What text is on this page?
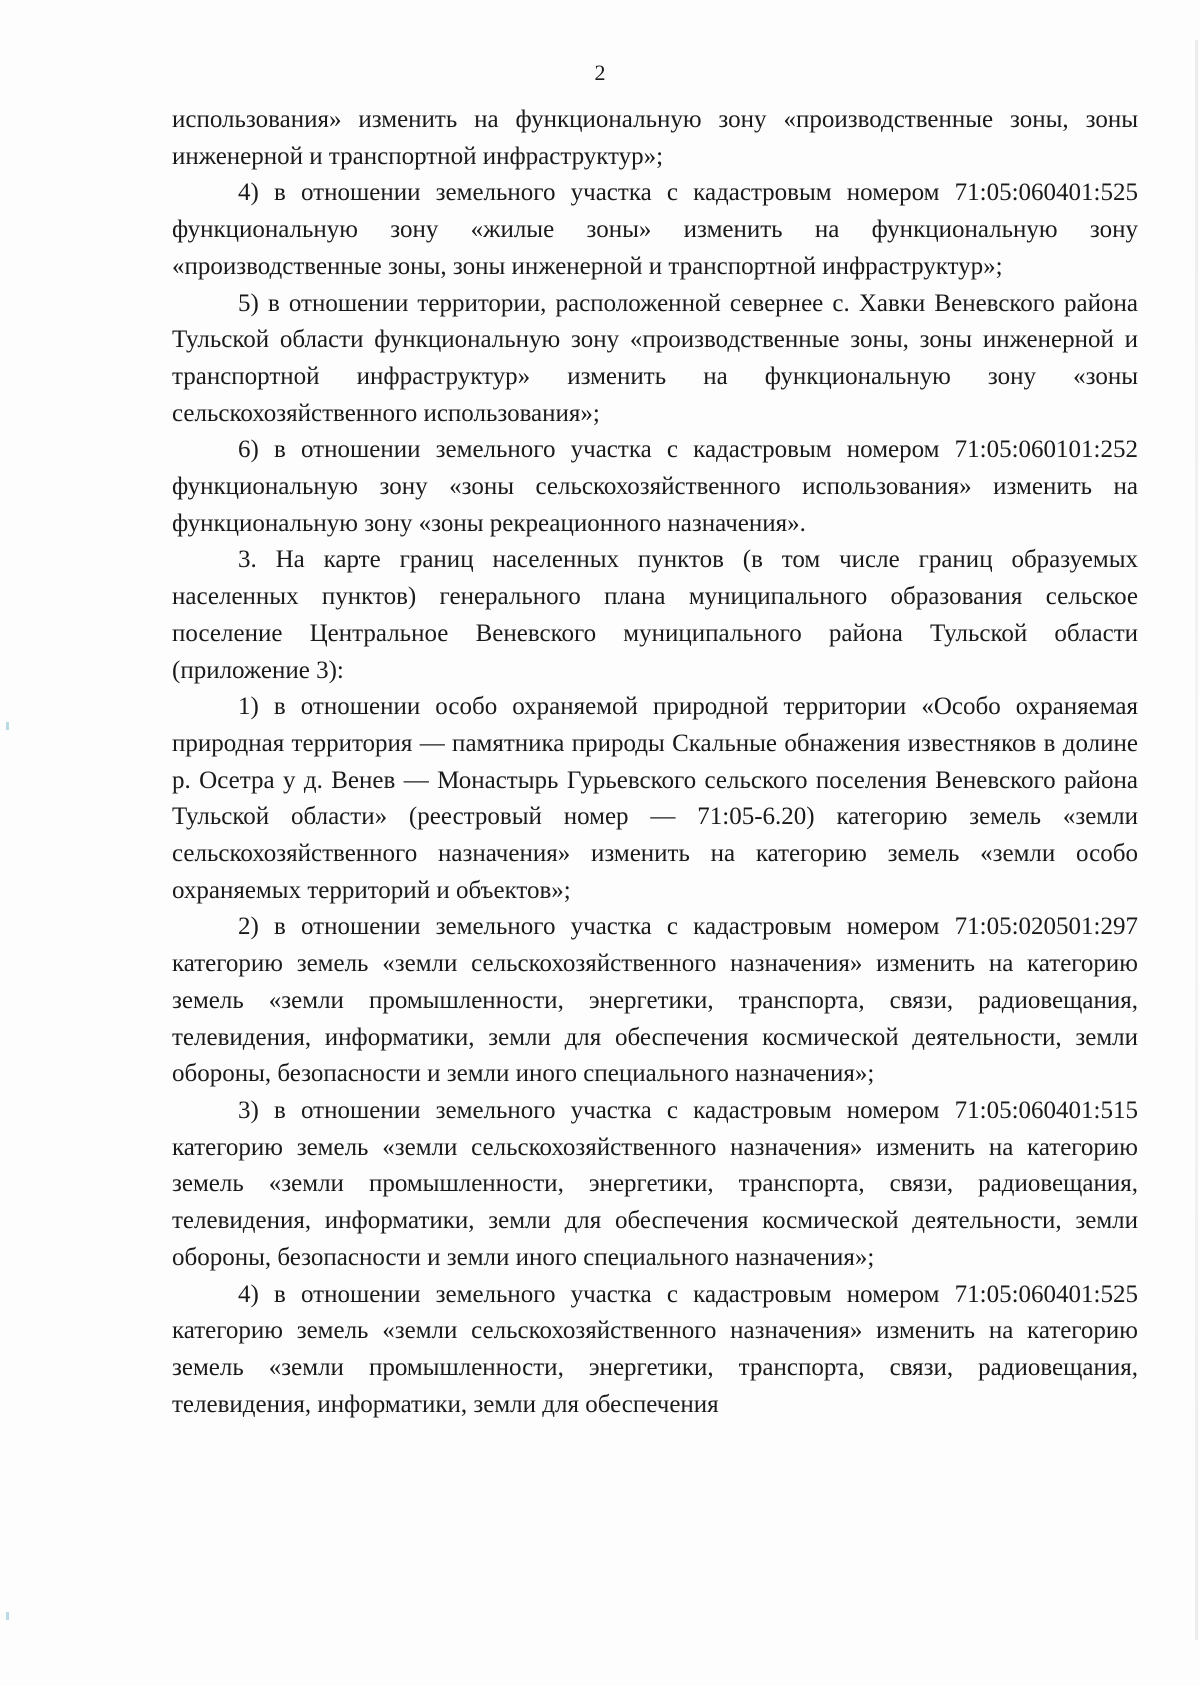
2

использования» изменить на функциональную зону «производственные зоны, зоны инженерной и транспортной инфраструктур»;

4) в отношении земельного участка с кадастровым номером 71:05:060401:525 функциональную зону «жилые зоны» изменить на функциональную зону «производственные зоны, зоны инженерной и транспортной инфраструктур»;

5) в отношении территории, расположенной севернее с. Хавки Веневского района Тульской области функциональную зону «производственные зоны, зоны инженерной и транспортной инфраструктур» изменить на функциональную зону «зоны сельскохозяйственного использования»;

6) в отношении земельного участка с кадастровым номером 71:05:060101:252 функциональную зону «зоны сельскохозяйственного использования» изменить на функциональную зону «зоны рекреационного назначения».

3. На карте границ населенных пунктов (в том числе границ образуемых населенных пунктов) генерального плана муниципального образования сельское поселение Центральное Веневского муниципального района Тульской области (приложение 3):

1) в отношении особо охраняемой природной территории «Особо охраняемая природная территория — памятника природы Скальные обнажения известняков в долине р. Осетра у д. Венев — Монастырь Гурьевского сельского поселения Веневского района Тульской области» (реестровый номер — 71:05-6.20) категорию земель «земли сельскохозяйственного назначения» изменить на категорию земель «земли особо охраняемых территорий и объектов»;

2) в отношении земельного участка с кадастровым номером 71:05:020501:297 категорию земель «земли сельскохозяйственного назначения» изменить на категорию земель «земли промышленности, энергетики, транспорта, связи, радиовещания, телевидения, информатики, земли для обеспечения космической деятельности, земли обороны, безопасности и земли иного специального назначения»;

3) в отношении земельного участка с кадастровым номером 71:05:060401:515 категорию земель «земли сельскохозяйственного назначения» изменить на категорию земель «земли промышленности, энергетики, транспорта, связи, радиовещания, телевидения, информатики, земли для обеспечения космической деятельности, земли обороны, безопасности и земли иного специального назначения»;

4) в отношении земельного участка с кадастровым номером 71:05:060401:525 категорию земель «земли сельскохозяйственного назначения» изменить на категорию земель «земли промышленности, энергетики, транспорта, связи, радиовещания, телевидения, информатики, земли для обеспечения
